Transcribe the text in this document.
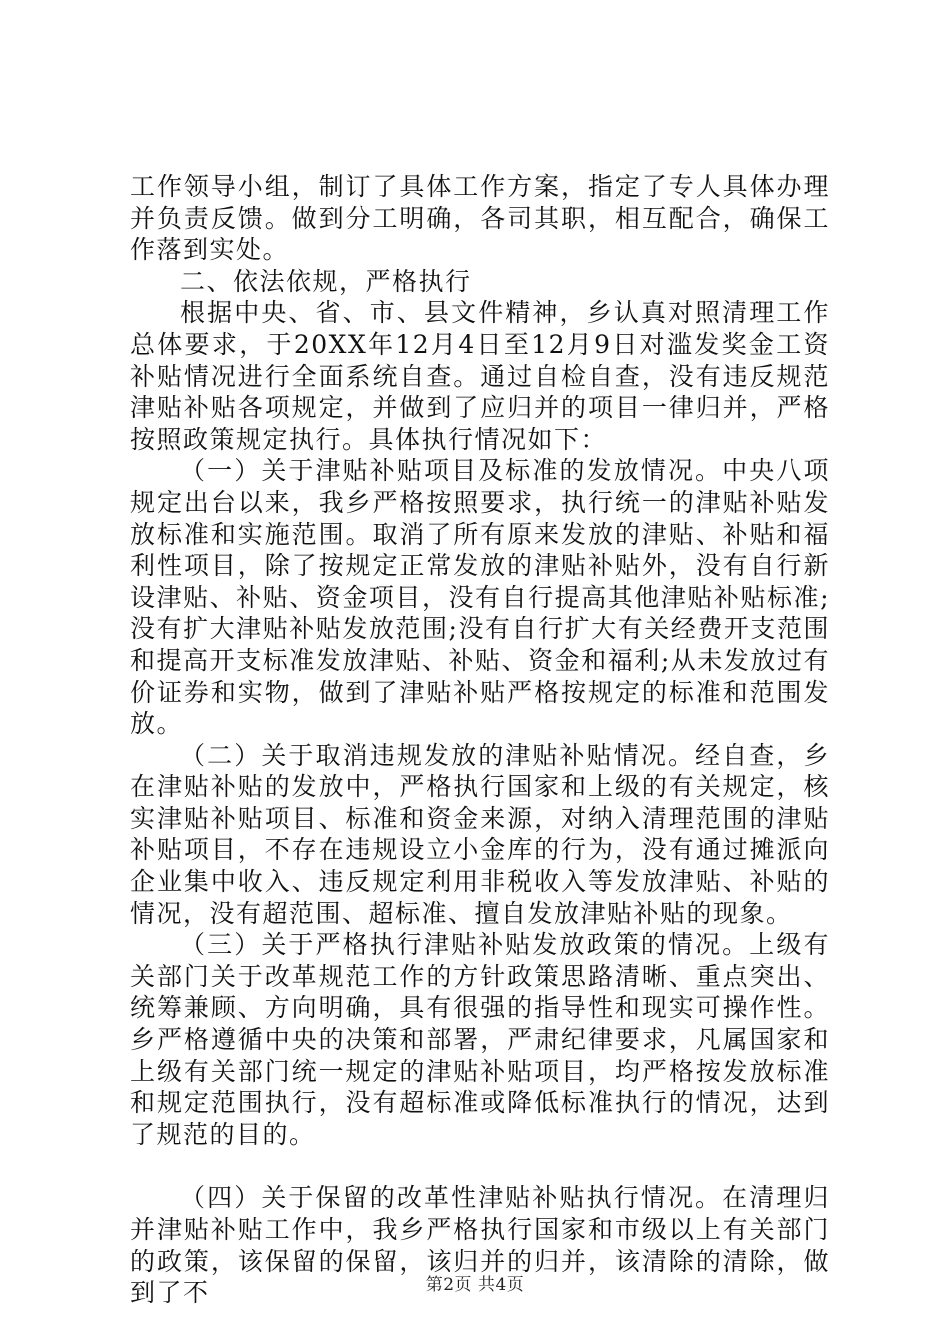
工作领导小组，制订了具体工作方案，指定了专人具体办理并负责反馈。做到分工明确，各司其职，相互配合，确保工作落到实处。

二、依法依规，严格执行

根据中央、省、市、县文件精神，乡认真对照清理工作总体要求，于20XX年12月4日至12月9日对滥发奖金工资补贴情况进行全面系统自查。通过自检自查，没有违反规范津贴补贴各项规定，并做到了应归并的项目一律归并，严格按照政策规定执行。具体执行情况如下：

（一）关于津贴补贴项目及标准的发放情况。中央八项规定出台以来，我乡严格按照要求，执行统一的津贴补贴发放标准和实施范围。取消了所有原来发放的津贴、补贴和福利性项目，除了按规定正常发放的津贴补贴外，没有自行新设津贴、补贴、资金项目，没有自行提高其他津贴补贴标准;没有扩大津贴补贴发放范围;没有自行扩大有关经费开支范围和提高开支标准发放津贴、补贴、资金和福利;从未发放过有价证券和实物，做到了津贴补贴严格按规定的标准和范围发放。

（二）关于取消违规发放的津贴补贴情况。经自查，乡在津贴补贴的发放中，严格执行国家和上级的有关规定，核实津贴补贴项目、标准和资金来源，对纳入清理范围的津贴补贴项目，不存在违规设立小金库的行为，没有通过摊派向企业集中收入、违反规定利用非税收入等发放津贴、补贴的情况，没有超范围、超标准、擅自发放津贴补贴的现象。

（三）关于严格执行津贴补贴发放政策的情况。上级有关部门关于改革规范工作的方针政策思路清晰、重点突出、统筹兼顾、方向明确，具有很强的指导性和现实可操作性。乡严格遵循中央的决策和部署，严肃纪律要求，凡属国家和上级有关部门统一规定的津贴补贴项目，均严格按发放标准和规定范围执行，没有超标准或降低标准执行的情况，达到了规范的目的。

（四）关于保留的改革性津贴补贴执行情况。在清理归并津贴补贴工作中，我乡严格执行国家和市级以上有关部门的政策，该保留的保留，该归并的归并，该清除的清除，做到了不	第2页 共4页
